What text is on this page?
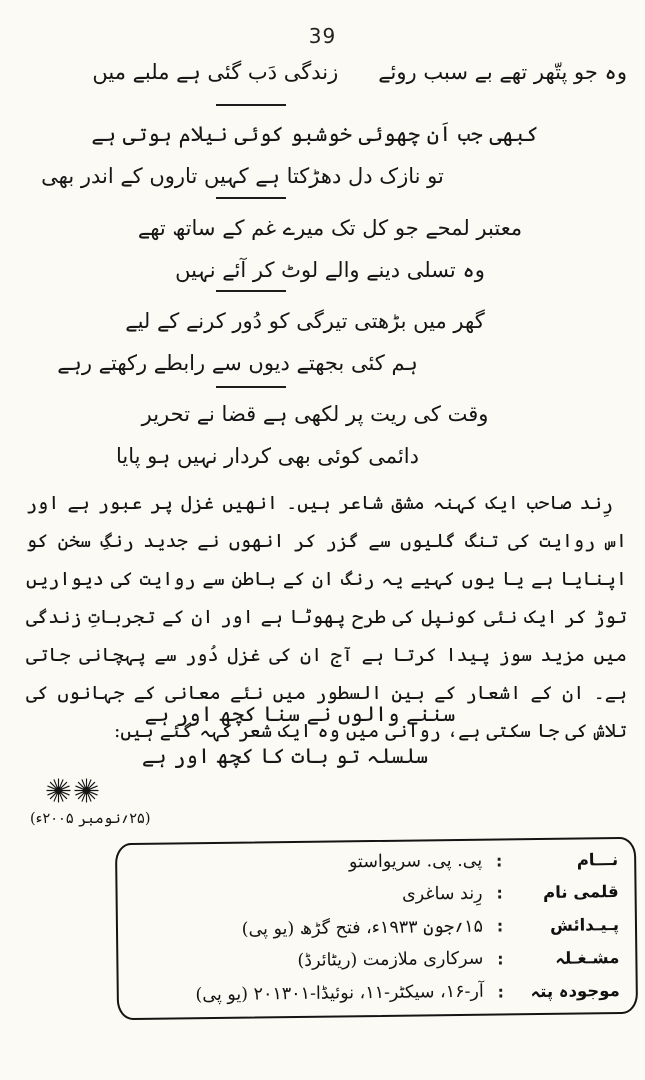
39
وہ جو پتّھر تھے بے سبب روئے
زندگی دَب گئی ہے ملبے میں
کبھی جب اَن چھوئی خوشبو کوئی نیلام ہوتی ہے
تو نازک دل دھڑکتا ہے کہیں تاروں کے اندر بھی
معتبر لمحے جو کل تک میرے غم کے ساتھ تھے
وہ تسلی دینے والے لوٹ کر آئے نہیں
گھر میں بڑھتی تیرگی کو دُور کرنے کے لیے
ہم کئی بجھتے دیوں سے رابطے رکھتے رہے
وقت کی ریت پر لکھی ہے قضا نے تحریر
دائمی کوئی بھی کردار نہیں ہو پایا
رِند صاحب ایک کہنہ مشق شاعر ہیں۔ انھیں غزل پر عبور ہے اور اس روایت کی تنگ گلیوں سے گزر کر انھوں نے جدید رنگِ سخن کو اپنایا ہے یا یوں کہیے یہ رنگ ان کے باطن سے روایت کی دیواریں توڑ کر ایک نئی کونپل کی طرح پھوٹا ہے اور ان کے تجرباتِ زندگی میں مزید سوز پیدا کرتا ہے آج ان کی غزل دُور سے پہچانی جاتی ہے۔ ان کے اشعار کے بین السطور میں نئے معانی کے جہانوں کی تلاش کی جا سکتی ہے، روانی میں وہ ایک شعر کہہ گئے ہیں:
سننے والوں نے سنا کچھ اور ہے
سلسلہ تو بات کا کچھ اور ہے
(۲۵؍نومبر ۲۰۰۵ء)
نـــام
:
پی. پی. سریواستو
قلمی نام
:
رِند ساغری
پـیـدائش
:
۱۵؍جون ۱۹۳۳ء، فتح گڑھ (یو پی)
مشـغـلہ
:
سرکاری ملازمت (ریٹائرڈ)
موجودہ پتہ
:
آر-۱۶، سیکٹر-۱۱، نوئیڈا-۲۰۱۳۰۱ (یو پی)
